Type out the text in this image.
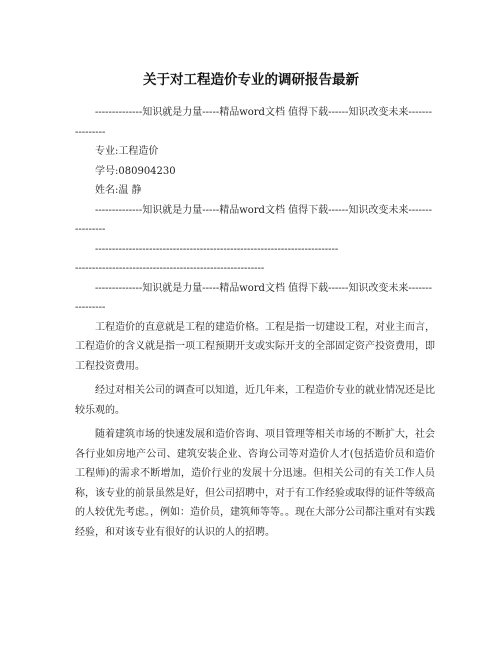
关于对工程造价专业的调研报告最新

--------------知识就是力量-----精品word文档 值得下载------知识改变未来----------------

专业:工程造价

学号:080904230

姓名:温 静

--------------知识就是力量-----精品word文档 值得下载------知识改变未来----------------

------------------------------------------------------------------------
--------------------------------------------------------

--------------知识就是力量-----精品word文档 值得下载------知识改变未来----------------

工程造价的直意就是工程的建造价格。工程是指一切建设工程，对业主而言，工程造价的含义就是指一项工程预期开支或实际开支的全部固定资产投资费用，即工程投资费用。

经过对相关公司的调查可以知道，近几年来，工程造价专业的就业情况还是比较乐观的。

随着建筑市场的快速发展和造价咨询、项目管理等相关市场的不断扩大，社会各行业如房地产公司、建筑安装企业、咨询公司等对造价人才(包括造价员和造价工程师)的需求不断增加，造价行业的发展十分迅速。但相关公司的有关工作人员称，该专业的前景虽然是好，但公司招聘中，对于有工作经验或取得的证件等级高的人较优先考虑。，例如：造价员，建筑师等等。。现在大部分公司都注重对有实践经验，和对该专业有很好的认识的人的招聘。
